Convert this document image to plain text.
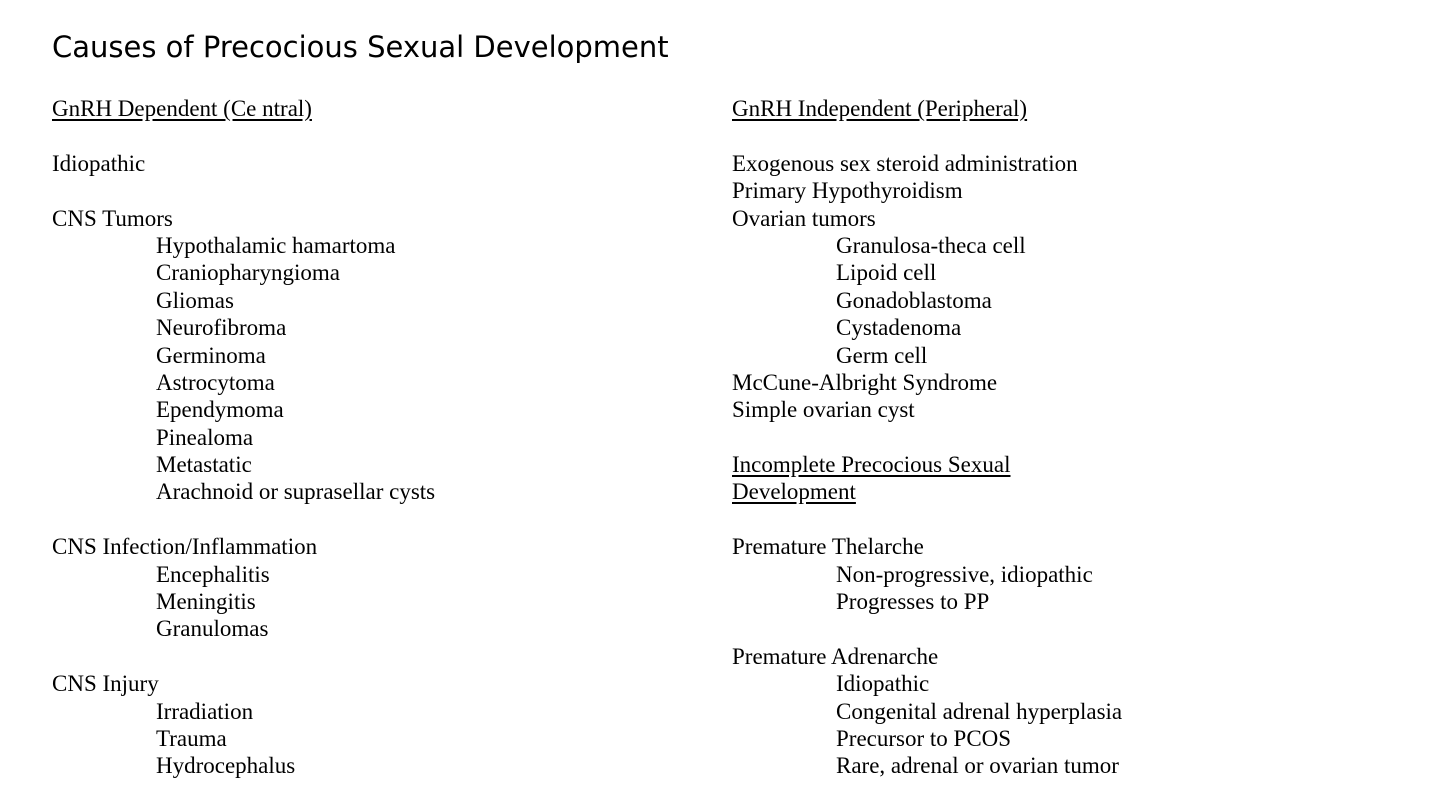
Causes of Precocious Sexual Development
GnRH Dependent (Ce ntral)
Idiopathic
CNS Tumors
Hypothalamic hamartoma
Craniopharyngioma
Gliomas
Neurofibroma
Germinoma
Astrocytoma
Ependymoma
Pinealoma
Metastatic
Arachnoid or suprasellar cysts
CNS Infection/Inflammation
Encephalitis
Meningitis
Granulomas
CNS Injury
Irradiation
Trauma
Hydrocephalus
GnRH Independent (Peripheral)
Exogenous sex steroid administration
Primary Hypothyroidism
Ovarian tumors
Granulosa-theca cell
Lipoid cell
Gonadoblastoma
Cystadenoma
Germ cell
McCune-Albright Syndrome
Simple ovarian cyst
Incomplete Precocious Sexual
Development
Premature Thelarche
Non-progressive, idiopathic
Progresses to PP
Premature Adrenarche
Idiopathic
Congenital adrenal hyperplasia
Precursor to PCOS
Rare, adrenal or ovarian tumor
